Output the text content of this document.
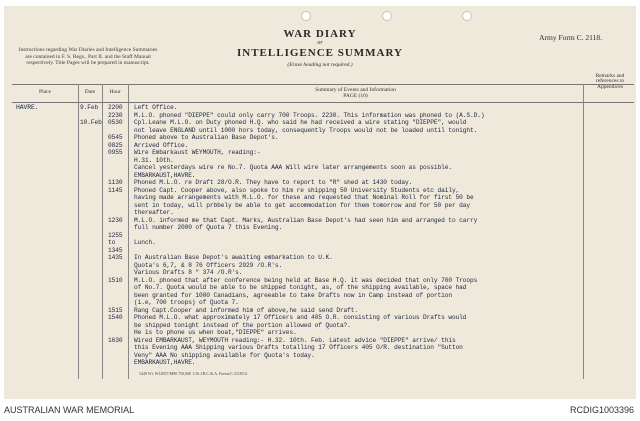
Instructions regarding War Diaries and Intelligence Summaries are contained in F. S. Regs., Part II. and the Staff Manual respectively. Title Pages will be prepared in manuscript.
WAR DIARY
or
INTELLIGENCE SUMMARY
(Erase heading not required.)
Army Form C. 2118.
Place	Date	Hour	Summary of Events and Information
PAGE (10)
Remarks and references to Appendices
HAVRE.	9.Feb 2200 Left Office.
2230 M.L.O. phoned "DIEPPE" could only carry 700 Troops. 2230. This information was phoned to (A.S.D.)
10.Feb 0530 Cpl.Leane M.L.O. on Duty phoned H.Q. who said he had received a wire stating "DIEPPE", would
not leave ENGLAND until 1000 hors today, consequently Troops would not be loaded until tonight.
0545 Phoned above to Australian Base Depot's.
0825 Arrived Office.
0955 Wire Embarkaust WEYMOUTH, reading:-
H.31. 10th.
Cancel yesterdays wire re No.7. Quota AAA Will wire later arrangements soon as possible.
EMBARKAUST,HAVRE.
1130 Phoned M.L.O. re Draft 28/O.R. They have to report to "R" shed at 1430 today.
1145 Phoned Capt. Cooper above, also spoke to him re shipping 50 University Students etc daily,
having made arrangements with M.L.O. for these and requested that Nominal Roll for first 50 be
sent in today, will prbbely be able to get accommodation for them tomorrow and for 50 per day
thereafter.
1230 M.L.O. informed me that Capt. Marks, Australian Base Depot's had seen him and arranged to carry
full number 2000 of Quota 7 this Evening.
1255
to	Lunch.
1345
1435 In Australian Base Depot's awaiting embarkation to U.K.
Quota's 6,7, & 8 76 Officers 2929 /O.R's.
Various Drafts 8 " 374 /O.R's.
1510 M.L.O. phoned that after conference being held at Base H.Q. it was decided that only 700 Troops
of No.7. Quota would be able to be shipped tonight, as, of the shipping available, space had
been granted for 1000 Canadians, agreeable to take Drafts now in Camp instead of portion
(i.e, 700 troops) of Quota 7.
1515 Rang Capt.Cooper and informed him of above,he said send Draft.
1540 Phoned M.L.O. what approximately 17 Officers and 405 O.R. consisting of various Drafts would
be shipped tonight instead of the portion allowed of Quota?.
He is to phone us when boat,"DIEPPE" arrives.
1630 Wired EMBARKAUST, WEYMOUTH reading:- H.32. 10th. Feb. Latest advice "DIEPPE" arrive/ this
this Evening AAA Shipping various Drafts totalling 17 Officers 405 O/R. destination "Sutton
Veny" AAA No shipping available for Quota's today.
EMBARKAUST,HAVRE.
1449 Wt. W14957/M90 750,000 1/16 J.B.C.& A. Forms/C.2118/12.
AUSTRALIAN WAR MEMORIAL	RCDIG1003396
